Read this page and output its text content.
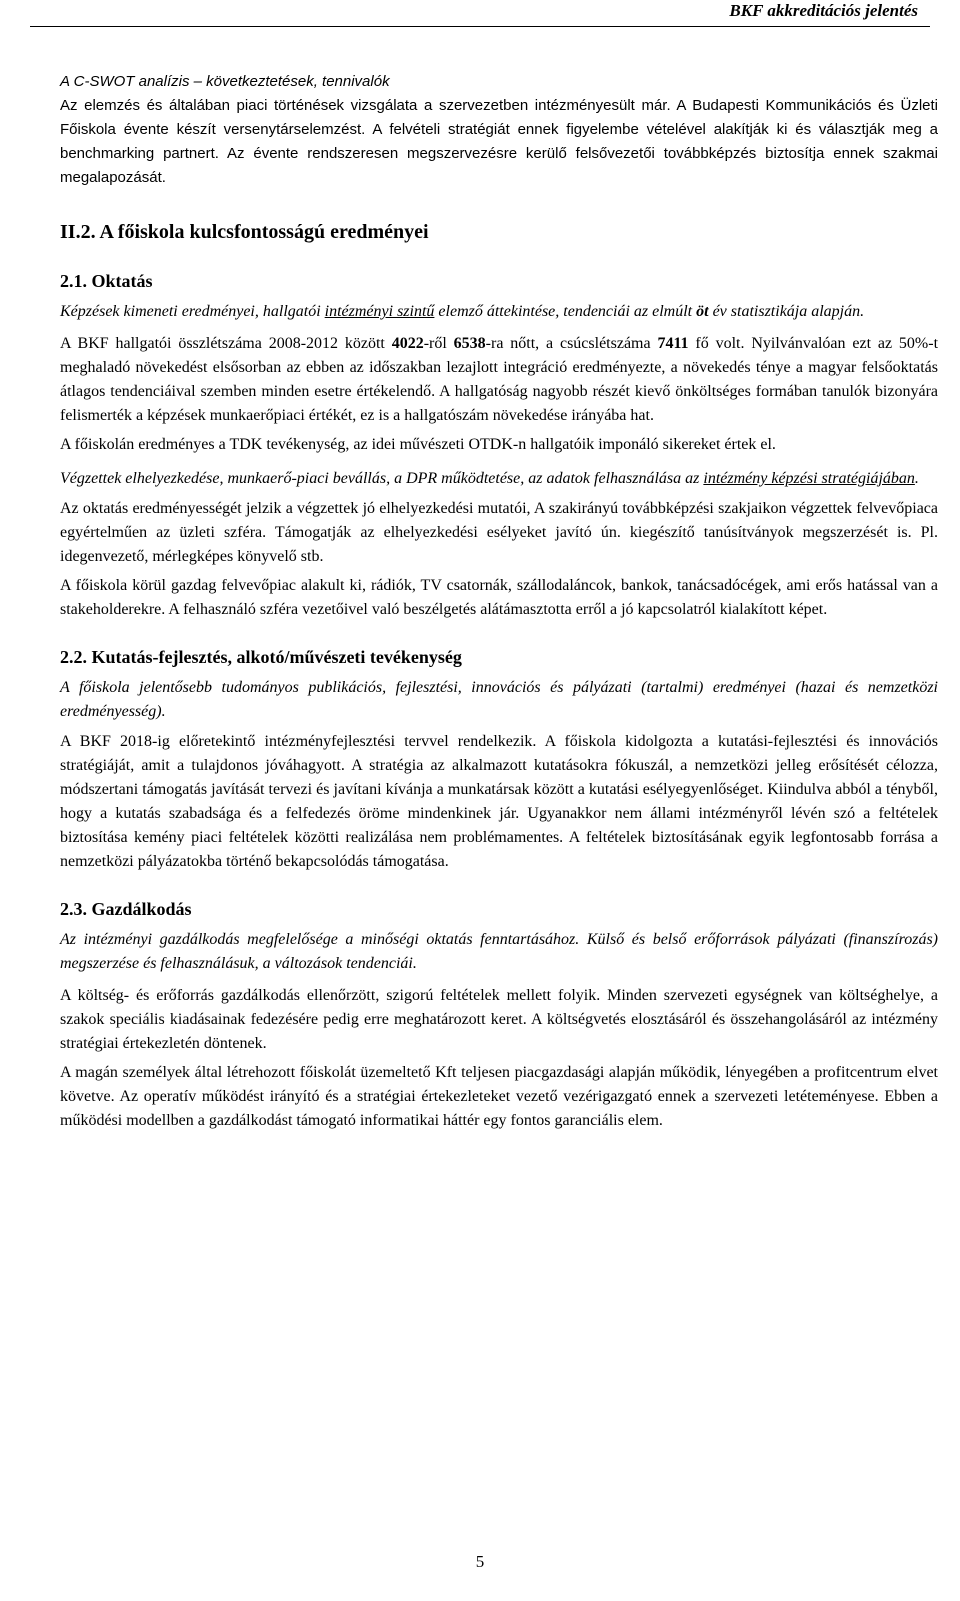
BKF akkreditációs jelentés
A C-SWOT analízis – következtetések, tennivalók

Az elemzés és általában piaci történések vizsgálata a szervezetben intézményesült már. A Budapesti Kommunikációs és Üzleti Főiskola évente készít versenytárselemzést. A felvételi stratégiát ennek figyelembe vételével alakítják ki és választják meg a benchmarking partnert. Az évente rendszeresen megszervezésre kerülő felsővezetői továbbképzés biztosítja ennek szakmai megalapozását.

II.2. A főiskola kulcsfontosságú eredményei
2.1. Oktatás
Képzések kimeneti eredményei, hallgatói intézményi szintű elemző áttekintése, tendenciái az elmúlt öt év statisztikája alapján.

A BKF hallgatói összlétszáma 2008-2012 között 4022-ről 6538-ra nőtt, a csúcslétszáma 7411 fő volt. Nyilvánvalóan ezt az 50%-t meghaladó növekedést elsősorban az ebben az időszakban lezajlott integráció eredményezte, a növekedés ténye a magyar felsőoktatás átlagos tendenciáival szemben minden esetre értékelendő. A hallgatóság nagyobb részét kievő önköltséges formában tanulók bizonyára felismerték a képzések munkaerőpiaci értékét, ez is a hallgatószám növekedése irányába hat.

A főiskolán eredményes a TDK tevékenység, az idei művészeti OTDK-n hallgatóik imponáló sikereket értek el.

Végzettek elhelyezkedése, munkaerő-piaci bevállás, a DPR működtetése, az adatok felhasználása az intézmény képzési stratégiájában.

Az oktatás eredményességét jelzik a végzettek jó elhelyezkedési mutatói, A szakirányú továbbképzési szakjaikon végzettek felvevőpiaca egyértelműen az üzleti szféra. Támogatják az elhelyezkedési esélyeket javító ún. kiegészítő tanúsítványok megszerzését is. Pl. idegenvezető, mérlegképes könyvelő stb.

A főiskola körül gazdag felvevőpiac alakult ki, rádiók, TV csatornák, szállodaláncok, bankok, tanácsadócégek, ami erős hatással van a stakeholderekre. A felhasználó szféra vezetőivel való beszélgetés alátámasztotta erről a jó kapcsolatról kialakított képet.

2.2. Kutatás-fejlesztés, alkotó/művészeti tevékenység
A főiskola jelentősebb tudományos publikációs, fejlesztési, innovációs és pályázati (tartalmi) eredményei (hazai és nemzetközi eredményesség).

A BKF 2018-ig előretekintő intézményfejlesztési tervvel rendelkezik. A főiskola kidolgozta a kutatási-fejlesztési és innovációs stratégiáját, amit a tulajdonos jóváhagyott. A stratégia az alkalmazott kutatásokra fókuszál, a nemzetközi jelleg erősítését célozza, módszertani támogatás javítását tervezi és javítani kívánja a munkatársak között a kutatási esélyegyenlőséget. Kiindulva abból a tényből, hogy a kutatás szabadsága és a felfedezés öröme mindenkinek jár. Ugyanakkor nem állami intézményről lévén szó a feltételek biztosítása kemény piaci feltételek közötti realizálása nem problémamentes. A feltételek biztosításának egyik legfontosabb forrása a nemzetközi pályázatokba történő bekapcsolódás támogatása.

2.3. Gazdálkodás
Az intézményi gazdálkodás megfelelősége a minőségi oktatás fenntartásához. Külső és belső erőforrások pályázati (finanszírozás) megszerzése és felhasználásuk, a változások tendenciái.

A költség- és erőforrás gazdálkodás ellenőrzött, szigorú feltételek mellett folyik. Minden szervezeti egységnek van költséghelye, a szakok speciális kiadásainak fedezésére pedig erre meghatározott keret. A költségvetés elosztásáról és összehangolásáról az intézmény stratégiai értekezletén döntenek.

A magán személyek által létrehozott főiskolát üzemeltető Kft teljesen piacgazdasági alapján működik, lényegében a profitcentrum elvet követve. Az operatív működést irányító és a stratégiai értekezleteket vezető vezérigazgató ennek a szervezeti letéteményese. Ebben a működési modellben a gazdálkodást támogató informatikai háttér egy fontos garanciális elem.

5
